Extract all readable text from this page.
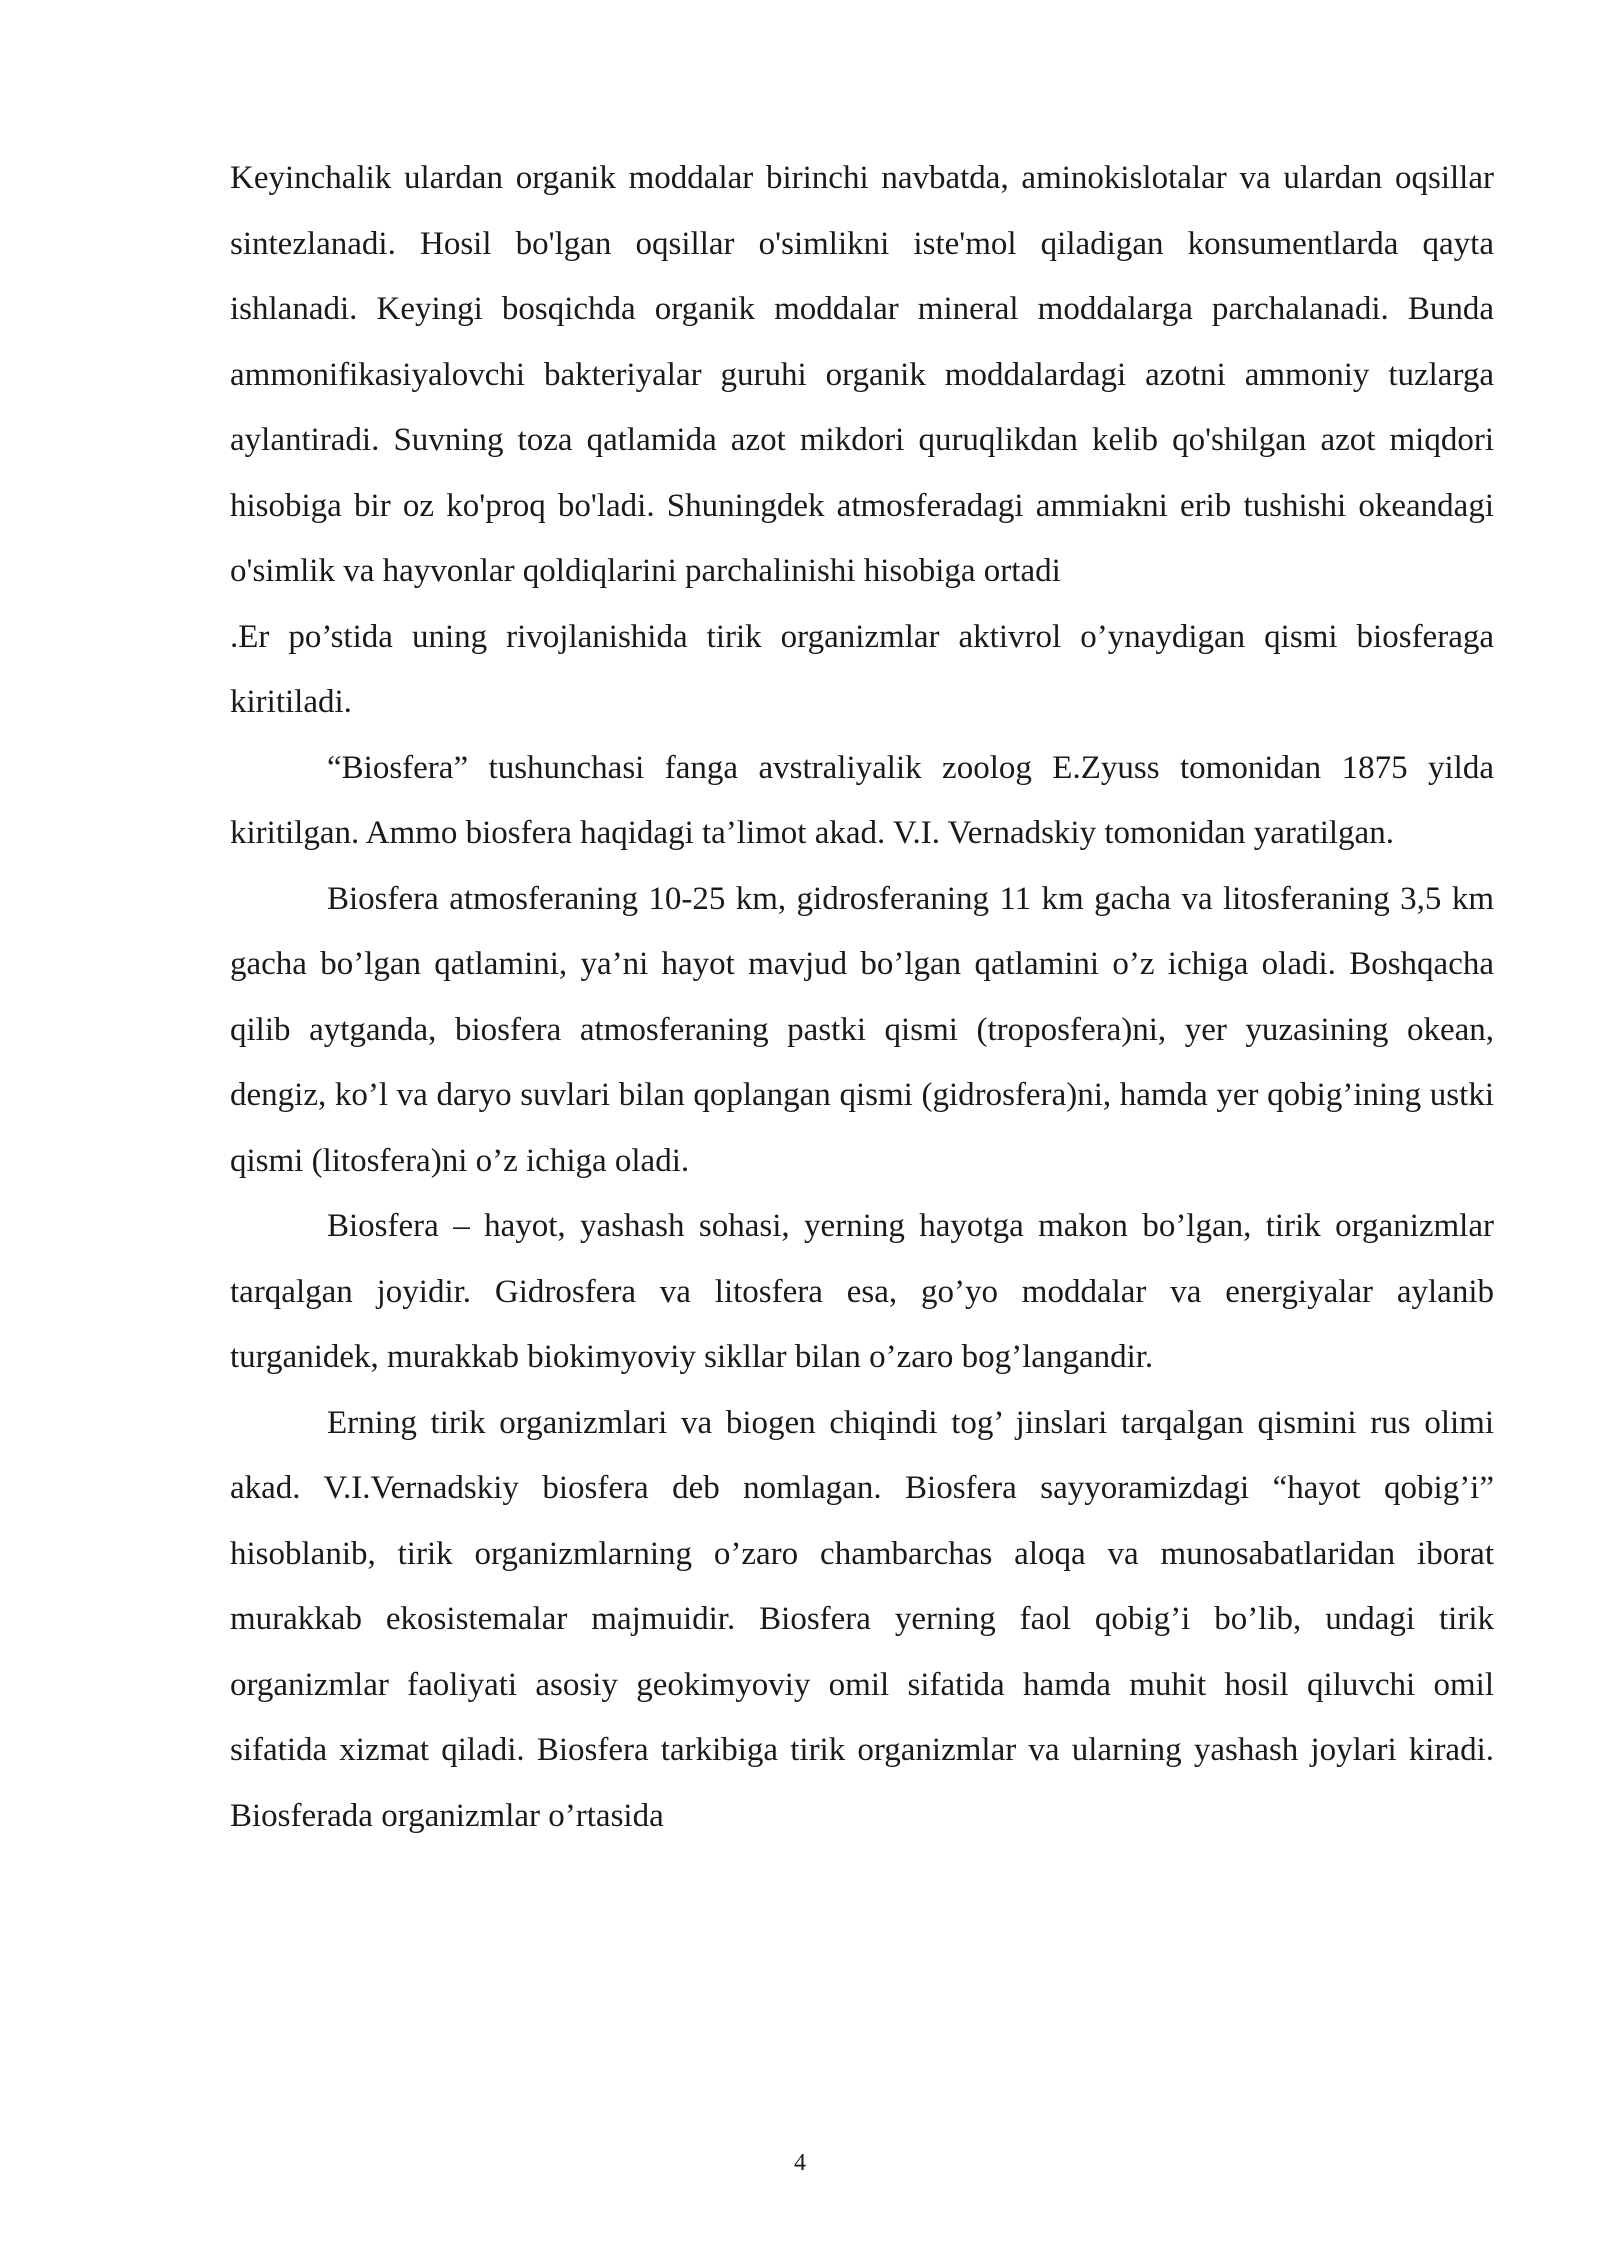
Keyinchalik ulardan organik moddalar birinchi navbatda, aminokislotalar va ulardan oqsillar sintezlanadi. Hosil bo'lgan oqsillar o'simlikni iste'mol qiladigan konsumentlarda qayta ishlanadi. Keyingi bosqichda organik moddalar mineral moddalarga parchalanadi. Bunda ammonifikasiyalovchi bakteriyalar guruhi organik moddalardagi azotni ammoniy tuzlarga aylantiradi. Suvning toza qatlamida azot mikdori quruqlikdan kelib qo'shilgan azot miqdori hisobiga bir oz ko'proq bo'ladi. Shuningdek atmosferadagi ammiakni erib tushishi okeandagi o'simlik va hayvonlar qoldiqlarini parchalinishi hisobiga ortadi

.Er po’stida uning rivojlanishida tirik organizmlar aktivrol o’ynaydigan qismi biosferaga kiritiladi.

“Biosfera” tushunchasi fanga avstraliyalik zoolog E.Zyuss tomonidan 1875 yilda kiritilgan. Ammo biosfera haqidagi ta’limot akad. V.I. Vernadskiy tomonidan yaratilgan.

Biosfera atmosferaning 10-25 km, gidrosferaning 11 km gacha va litosferaning 3,5 km gacha bo’lgan qatlamini, ya’ni hayot mavjud bo’lgan qatlamini o’z ichiga oladi. Boshqacha qilib aytganda, biosfera atmosferaning pastki qismi (troposfera)ni, yer yuzasining okean, dengiz, ko’l va daryo suvlari bilan qoplangan qismi (gidrosfera)ni, hamda yer qobig’ining ustki qismi (litosfera)ni o’z ichiga oladi.

Biosfera – hayot, yashash sohasi, yerning hayotga makon bo’lgan, tirik organizmlar tarqalgan joyidir. Gidrosfera va litosfera esa, go’yo moddalar va energiyalar aylanib turganidek, murakkab biokimyoviy sikllar bilan o’zaro bog’langandir.

Erning tirik organizmlari va biogen chiqindi tog’ jinslari tarqalgan qismini rus olimi akad. V.I.Vernadskiy biosfera deb nomlagan. Biosfera sayyoramizdagi “hayot qobig’i” hisoblanib, tirik organizmlarning o’zaro chambarchas aloqa va munosabatlaridan iborat murakkab ekosistemalar majmuidir. Biosfera yerning faol qobig’i bo’lib, undagi tirik organizmlar faoliyati asosiy geokimyoviy omil sifatida hamda muhit hosil qiluvchi omil sifatida xizmat qiladi. Biosfera tarkibiga tirik organizmlar va ularning yashash joylari kiradi. Biosferada organizmlar o’rtasida

4
